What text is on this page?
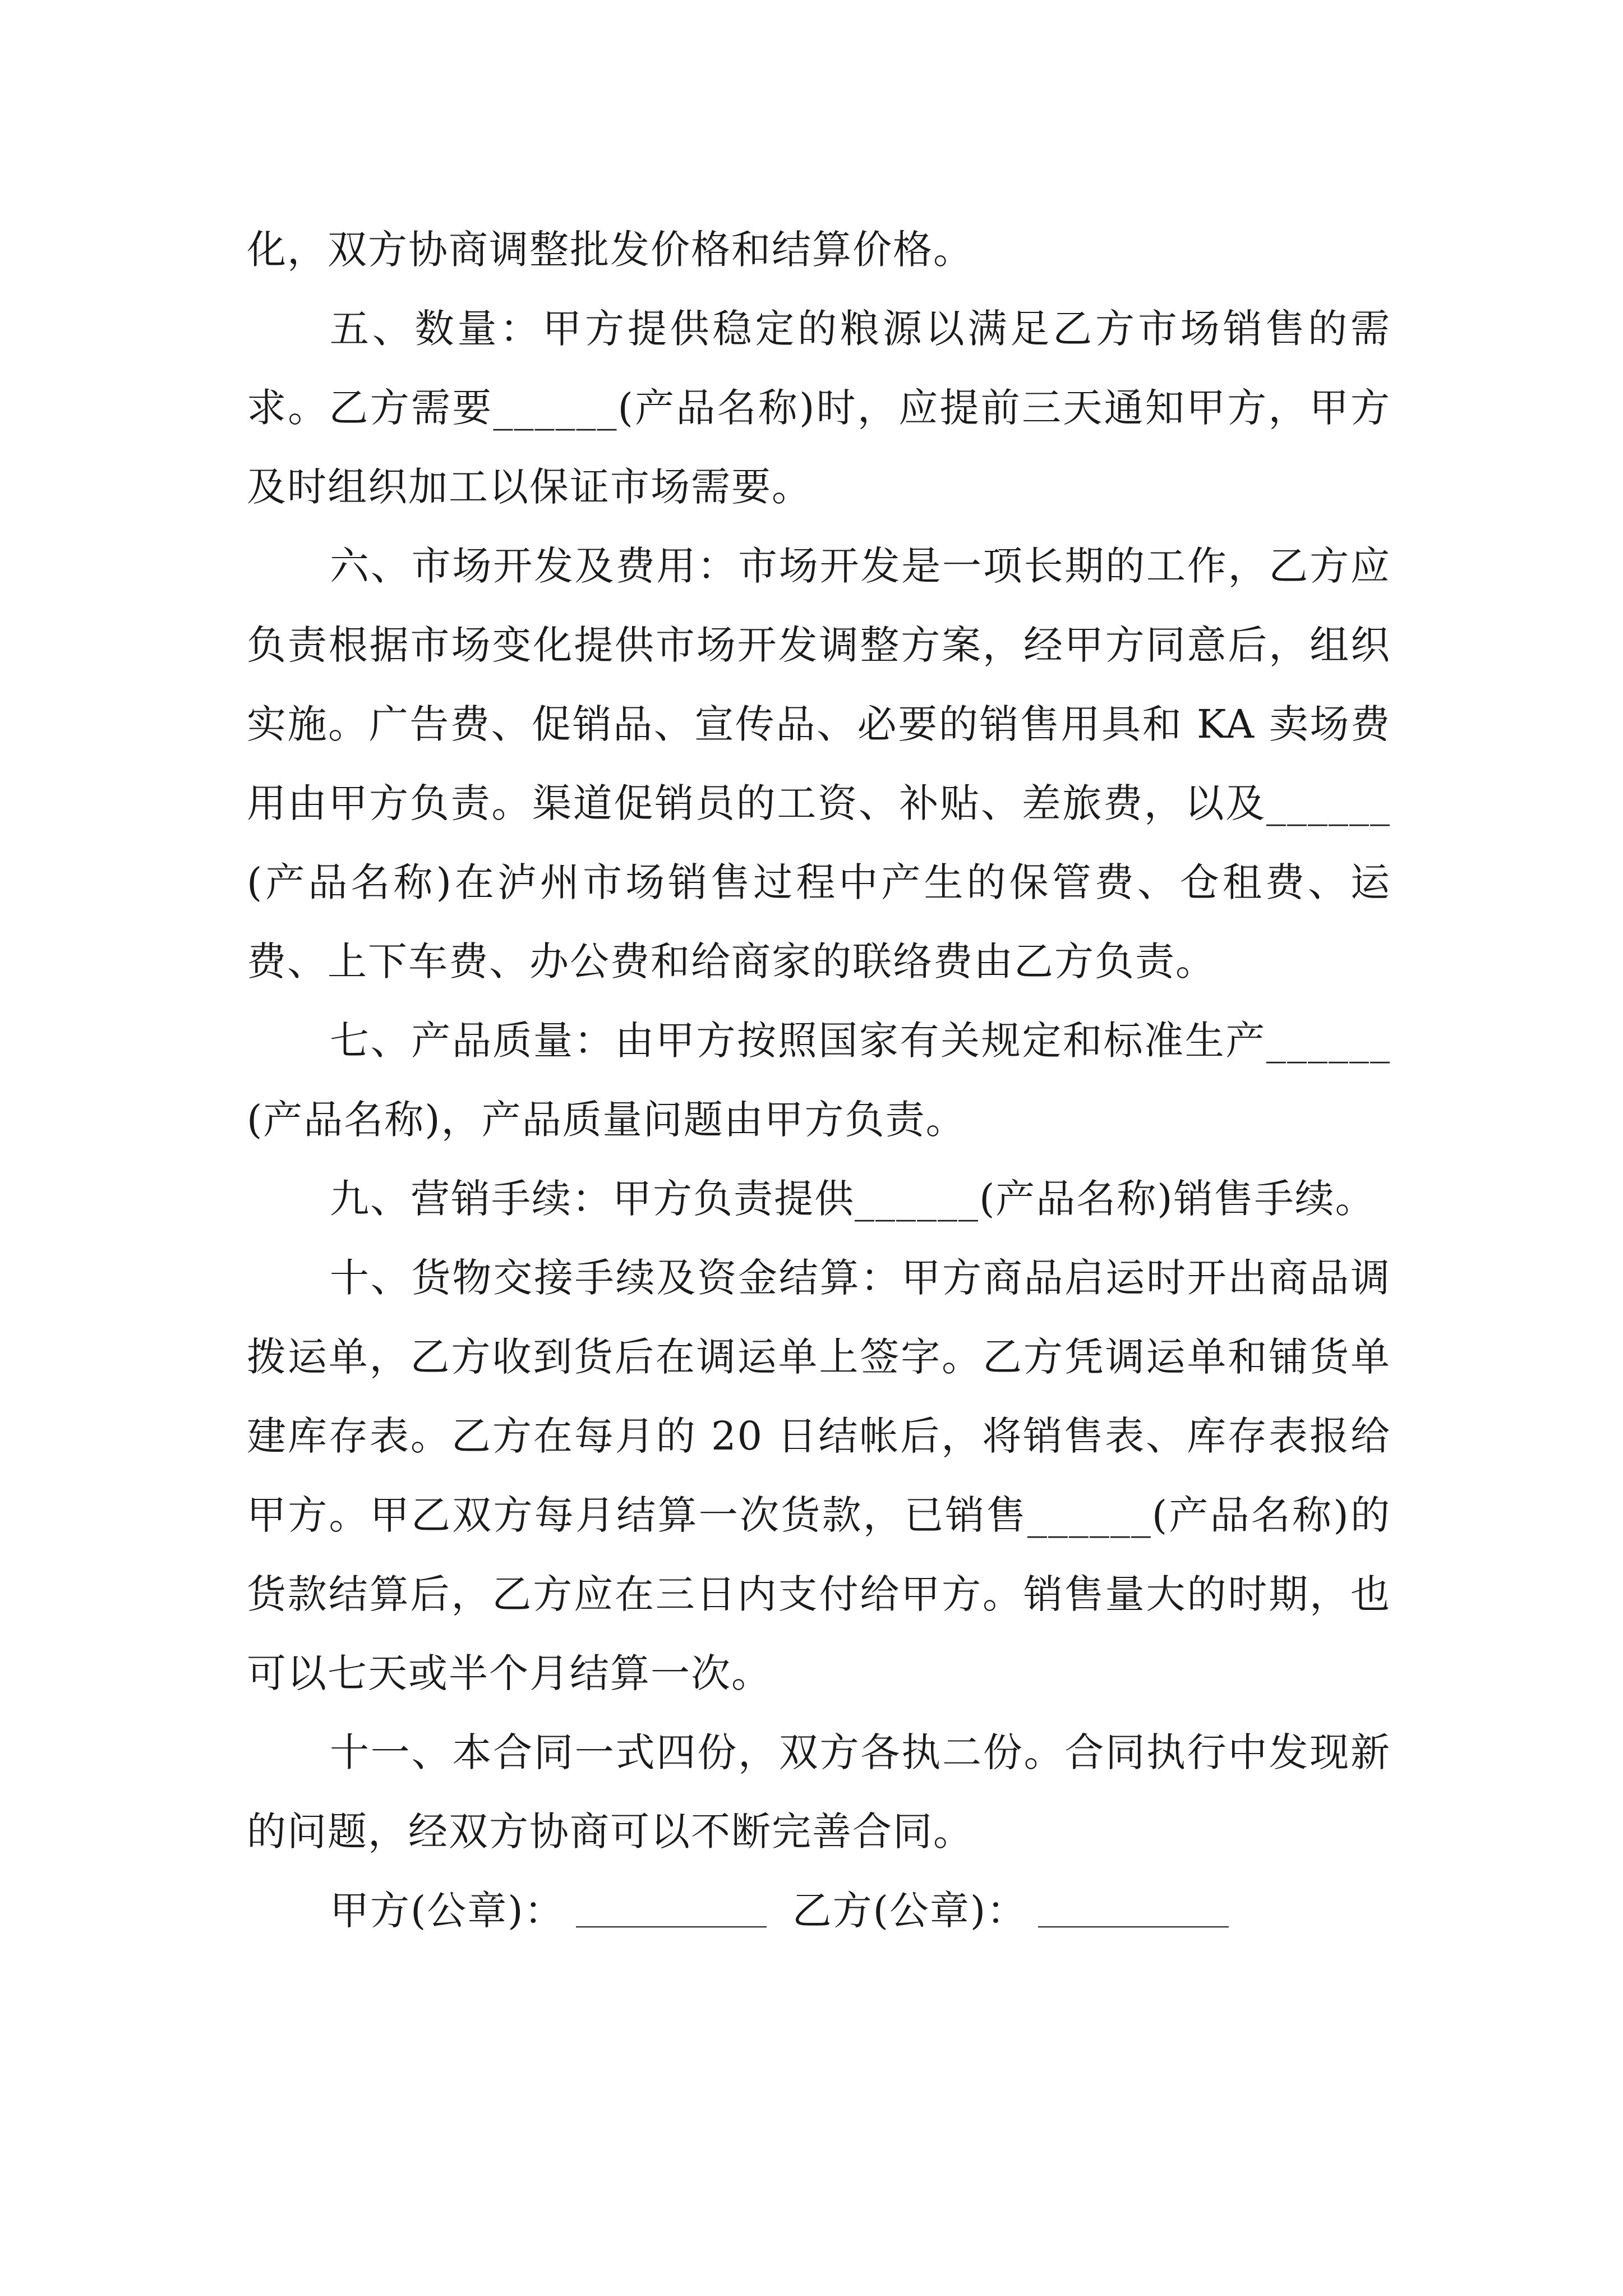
化，双方协商调整批发价格和结算价格。

五、数量：甲方提供稳定的粮源以满足乙方市场销售的需求。乙方需要______(产品名称)时，应提前三天通知甲方，甲方及时组织加工以保证市场需要。

六、市场开发及费用：市场开发是一项长期的工作，乙方应负责根据市场变化提供市场开发调整方案，经甲方同意后，组织实施。广告费、促销品、宣传品、必要的销售用具和 KA 卖场费用由甲方负责。渠道促销员的工资、补贴、差旅费，以及______(产品名称)在泸州市场销售过程中产生的保管费、仓租费、运费、上下车费、办公费和给商家的联络费由乙方负责。

七、产品质量：由甲方按照国家有关规定和标准生产______(产品名称)，产品质量问题由甲方负责。

九、营销手续：甲方负责提供______(产品名称)销售手续。

十、货物交接手续及资金结算：甲方商品启运时开出商品调拨运单，乙方收到货后在调运单上签字。乙方凭调运单和铺货单建库存表。乙方在每月的 20 日结帐后，将销售表、库存表报给甲方。甲乙双方每月结算一次货款，已销售______(产品名称)的货款结算后，乙方应在三日内支付给甲方。销售量大的时期，也可以七天或半个月结算一次。

十一、本合同一式四份，双方各执二份。合同执行中发现新的问题，经双方协商可以不断完善合同。

甲方(公章)：	乙方(公章)：
